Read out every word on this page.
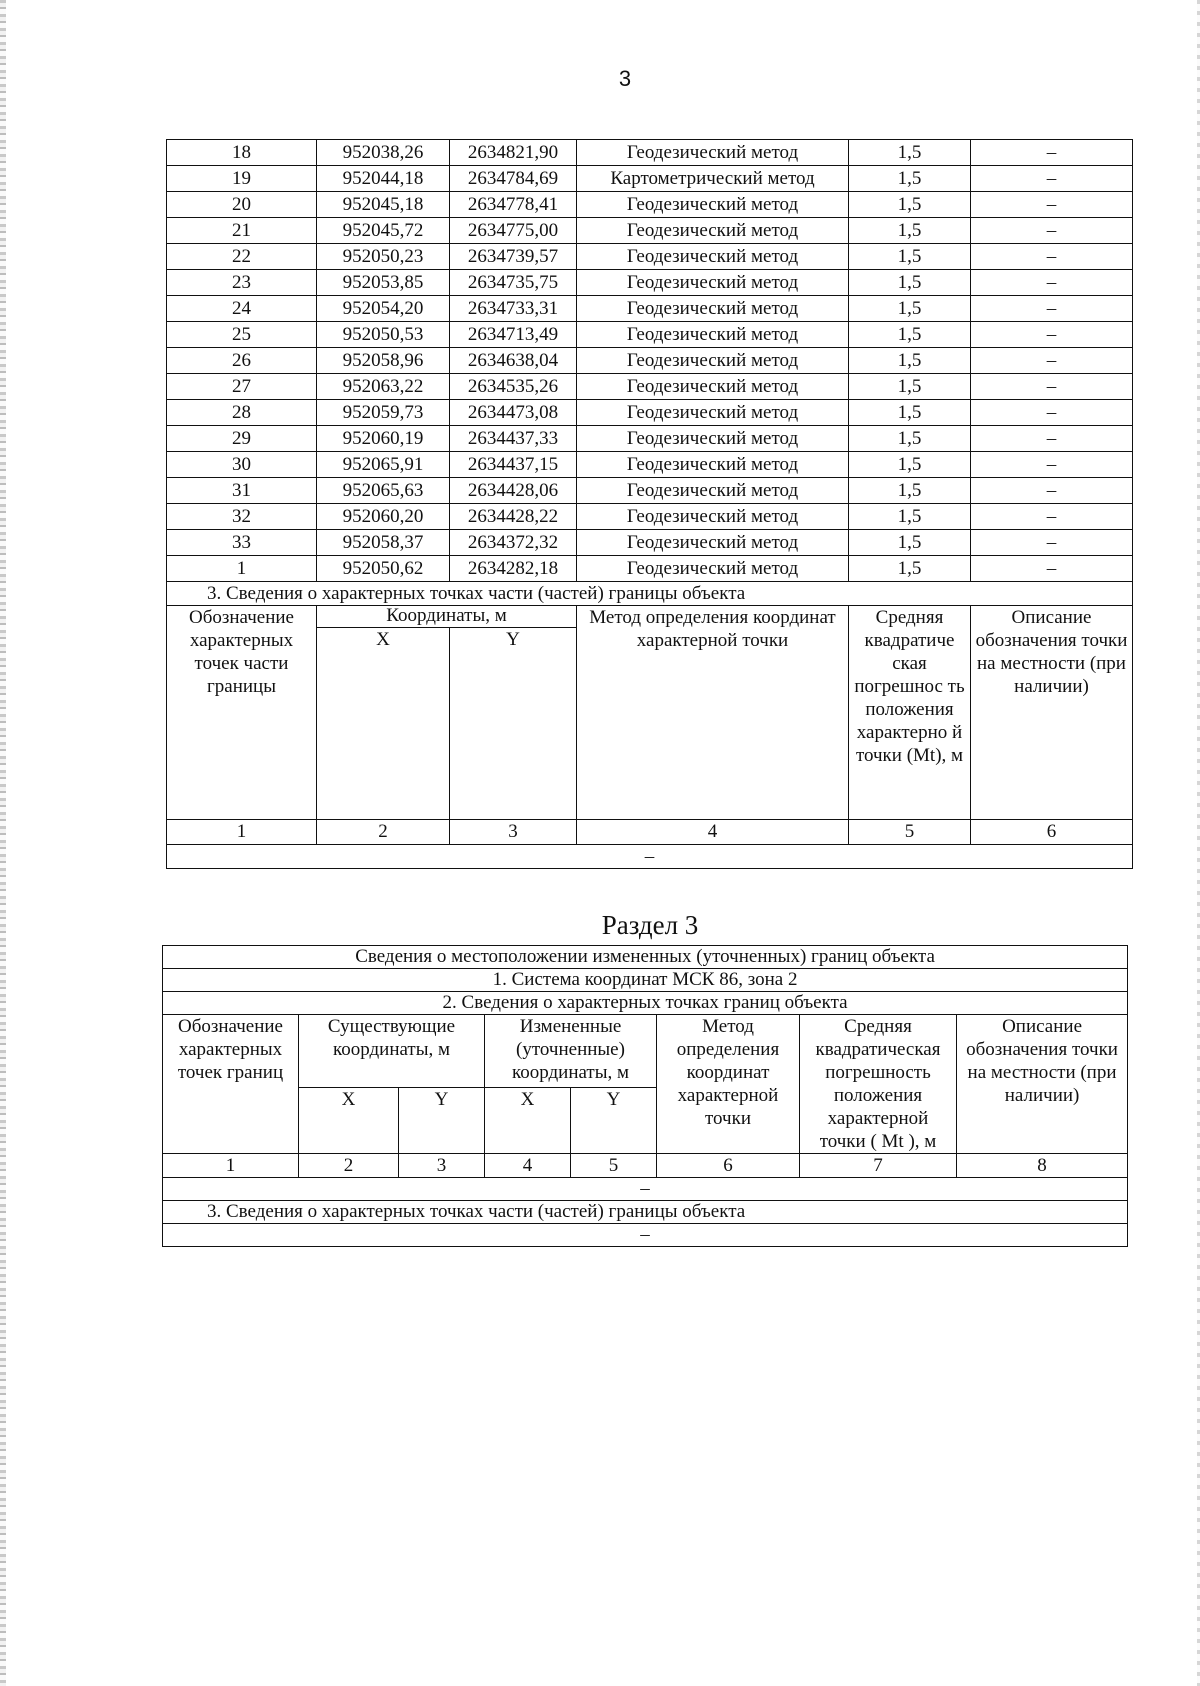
3
18	952038,26	2634821,90	Геодезический метод	1,5	–
19	952044,18	2634784,69	Картометрический метод	1,5	–
20	952045,18	2634778,41	Геодезический метод	1,5	–
21	952045,72	2634775,00	Геодезический метод	1,5	–
22	952050,23	2634739,57	Геодезический метод	1,5	–
23	952053,85	2634735,75	Геодезический метод	1,5	–
24	952054,20	2634733,31	Геодезический метод	1,5	–
25	952050,53	2634713,49	Геодезический метод	1,5	–
26	952058,96	2634638,04	Геодезический метод	1,5	–
27	952063,22	2634535,26	Геодезический метод	1,5	–
28	952059,73	2634473,08	Геодезический метод	1,5	–
29	952060,19	2634437,33	Геодезический метод	1,5	–
30	952065,91	2634437,15	Геодезический метод	1,5	–
31	952065,63	2634428,06	Геодезический метод	1,5	–
32	952060,20	2634428,22	Геодезический метод	1,5	–
33	952058,37	2634372,32	Геодезический метод	1,5	–
1	952050,62	2634282,18	Геодезический метод	1,5	–
3. Сведения о характерных точках части (частей) границы объекта					
Обозначение характерных точек части границы	Координаты, м		Метод определения координат характерной точки	Средняя квадратиче ская погрешнос ть положения характерно й точки (Mt), м	Описание обозначения точки на местности (при наличии)
	X	Y			
1	2	3	4	5	6
–					
Раздел 3
Сведения о местоположении измененных (уточненных) границ объекта							
1. Система координат МСК 86, зона 2							
2. Сведения о характерных точках границ объекта							
Обозначение характерных точек границ	Существующие координаты, м		Измененные (уточненные) координаты, м		Метод определения координат характерной точки	Средняя квадратическая погрешность положения характерной точки ( Mt ), м	Описание обозначения точки на местности (при наличии)
	X	Y	X	Y			
1	2	3	4	5	6	7	8
–							
3. Сведения о характерных точках части (частей) границы объекта							
–							
